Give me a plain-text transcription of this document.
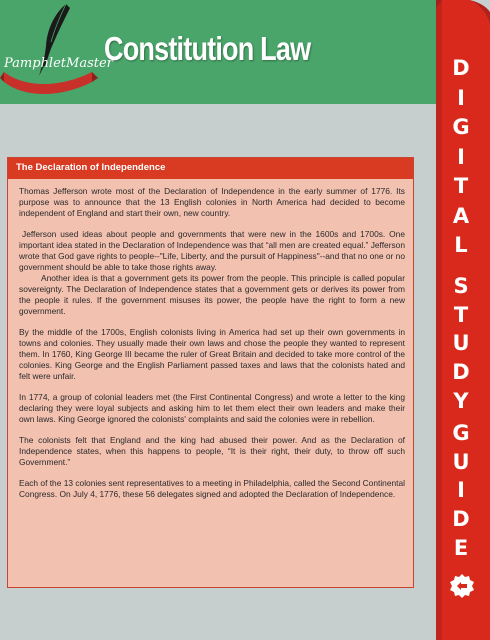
PamphletMaster
Constitution Law
The Declaration of Independence

Thomas Jefferson wrote most of the Declaration of Independence in the early summer of 1776. Its purpose was to announce that the 13 English colonies in North America had decided to become independent of England and start their own, new country.

Jefferson used ideas about people and governments that were new in the 1600s and 1700s. One important idea stated in the Declaration of Independence was that “all men are created equal.” Jefferson wrote that God gave rights to people--"Life, Liberty, and the pursuit of Happiness"--and that no one or no government should be able to take those rights away.

Another idea is that a government gets its power from the people. This principle is called popular sovereignty. The Declaration of Independence states that a government gets or derives its power from the people it rules. If the government misuses its power, the people have the right to form a new government.

By the middle of the 1700s, English colonists living in America had set up their own governments in towns and colonies. They usually made their own laws and chose the people they wanted to represent them. In 1760, King George III became the ruler of Great Britain and decided to take more control of the colonies. King George and the English Parliament passed taxes and laws that the colonists hated and felt were unfair.

In 1774, a group of colonial leaders met (the First Continental Congress) and wrote a letter to the king declaring they were loyal subjects and asking him to let them elect their own leaders and make their own laws. King George ignored the colonists' complaints and said the colonies were in rebellion.

The colonists felt that England and the king had abused their power. And as the Declaration of Independence states, when this happens to people, “It is their right, their duty, to throw off such Government.”

Each of the 13 colonies sent representatives to a meeting in Philadelphia, called the Second Continental Congress. On July 4, 1776, these 56 delegates signed and adopted the Declaration of Independence.

D
I
G
I
T
A
L
S
T
U
D
Y
G
U
I
D
E
